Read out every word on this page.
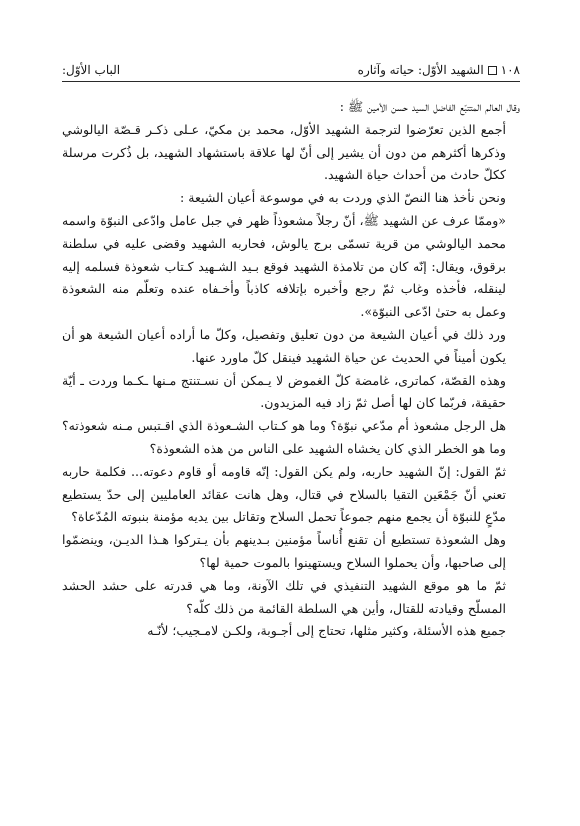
١٠٨الشهيد الأوّل: حياته وآثاره
الباب الأوّل:

وقال العالم المتتبّع الفاضل السيد حسن الأمين ﷺ :

أجمع الذين تعرّضوا لترجمة الشهيد الأوّل، محمد بن مكيّ، عـلى ذكـر قـصّة اليالوشي وذكرها أكثرهم من دون أن يشير إلى أنّ لها علاقة باستشهاد الشهيد، بل ذُكرت مرسلة ككلّ حادث من أحداث حياة الشهيد.

ونحن نأخذ هنا النصّ الذي وردت به في موسوعة أعيان الشيعة :

«وممّا عرف عن الشهيد ﷺ، أنّ رجلاً مشعوذاً ظهر في جبل عامل وادّعى النبوّة واسمه محمد اليالوشي من قرية تسمّى برج يالوش، فحاربه الشهيد وقضى عليه في سلطنة برقوق، ويقال: إنّه كان من تلامذة الشهيد فوقع بـيد الشـهيد كـتاب شعوذة فسلمه إليه لينقله، فأخذه وغاب ثمّ رجع وأخبره بإتلافه كاذباً وأخـفاه عنده وتعلّم منه الشعوذة وعمل به حتىٰ ادّعى النبوّة».

ورد ذلك في أعيان الشيعة من دون تعليق وتفصيل، وكلّ ما أراده أعيان الشيعة هو أن يكون أميناً في الحديث عن حياة الشهيد فينقل كلّ ماورد عنها.

وهذه القصّة، كماترى، غامضة كلّ الغموض لا يـمكن أن نسـتنتج مـنها ـكـما وردت ـ أيّة حقيقة، فربّما كان لها أصل ثمّ زاد فيه المزيدون.

هل الرجل مشعوذ أم مدّعي نبوّة؟ وما هو كـتاب الشـعوذة الذي اقـتبس مـنه شعوذته؟ وما هو الخطر الذي كان يخشاه الشهيد على الناس من هذه الشعوذة؟

ثمّ القول: إنّ الشهيد حاربه، ولم يكن القول: إنّه قاومه أو قاوم دعوته... فكلمة حاربه تعني أنّ جَمْعَين التقيا بالسلاح في قتال، وهل هانت عقائد العامليين إلى حدّ يستطيع مدّعٍ للنبوّة أن يجمع منهم جموعاً تحمل السلاح وتقاتل بين يديه مؤمنة بنبوته المُدّعاة؟

وهل الشعوذة تستطيع أن تقنع أُناساً مؤمنين بـدينهم بأن يـتركوا هـذا الديـن، وينضمّوا إلى صاحبها، وأن يحملوا السلاح ويستهينوا بالموت حمية لها؟

ثمّ ما هو موقع الشهيد التنفيذي في تلك الآونة، وما هي قدرته على حشد الحشد المسلّح وقيادته للقتال، وأين هي السلطة القائمة من ذلك كلّه؟

جميع هذه الأسئلة، وكثير مثلها، تحتاج إلى أجـوبة، ولكـن لامـجيب؛ لأنّـه
